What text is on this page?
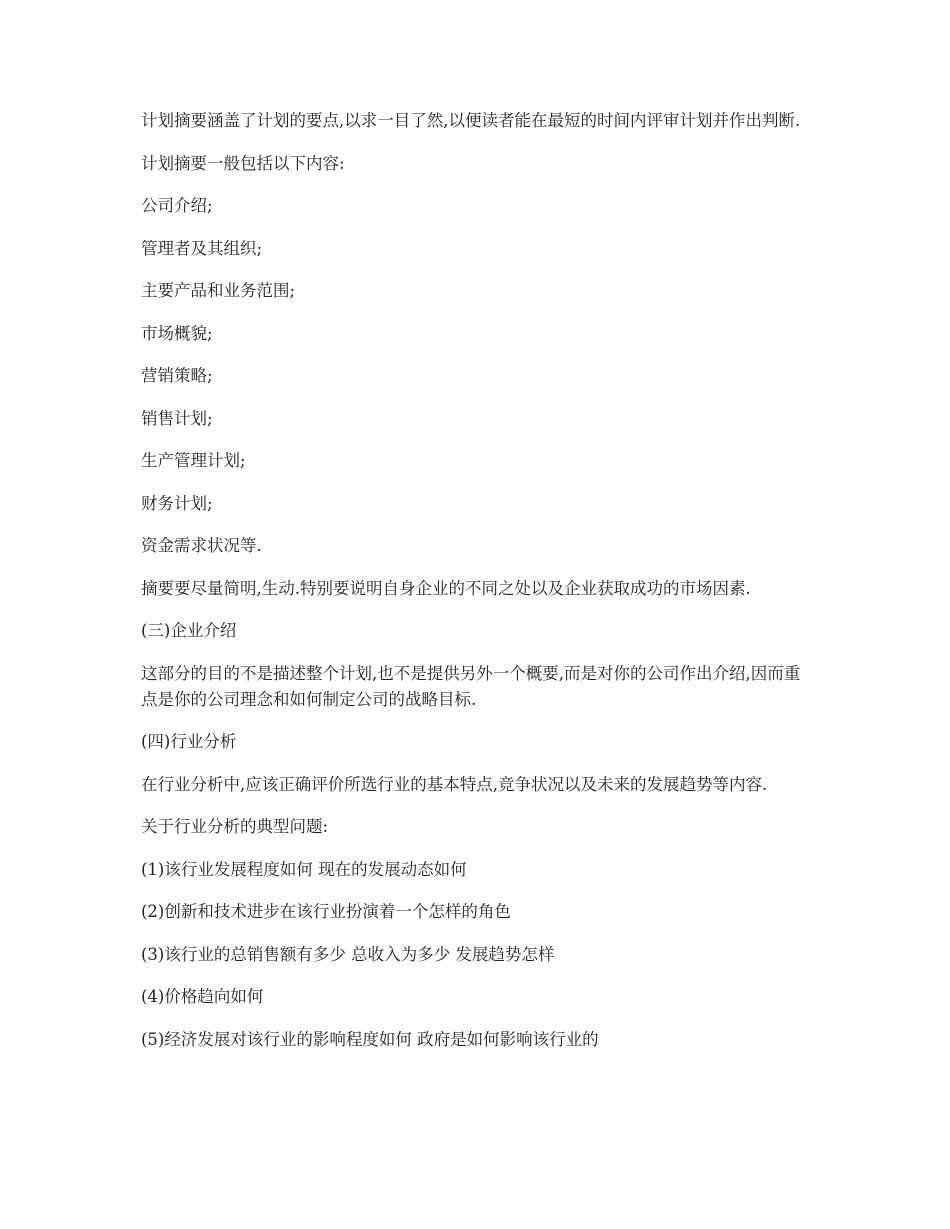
计划摘要涵盖了计划的要点,以求一目了然,以便读者能在最短的时间内评审计划并作出判断.

计划摘要一般包括以下内容:

公司介绍;

管理者及其组织;

主要产品和业务范围;

市场概貌;

营销策略;

销售计划;

生产管理计划;

财务计划;

资金需求状况等.

摘要要尽量简明,生动.特别要说明自身企业的不同之处以及企业获取成功的市场因素.

(三)企业介绍

这部分的目的不是描述整个计划,也不是提供另外一个概要,而是对你的公司作出介绍,因而重点是你的公司理念和如何制定公司的战略目标.

(四)行业分析

在行业分析中,应该正确评价所选行业的基本特点,竞争状况以及未来的发展趋势等内容.

关于行业分析的典型问题:

(1)该行业发展程度如何 现在的发展动态如何

(2)创新和技术进步在该行业扮演着一个怎样的角色

(3)该行业的总销售额有多少 总收入为多少 发展趋势怎样

(4)价格趋向如何

(5)经济发展对该行业的影响程度如何 政府是如何影响该行业的
